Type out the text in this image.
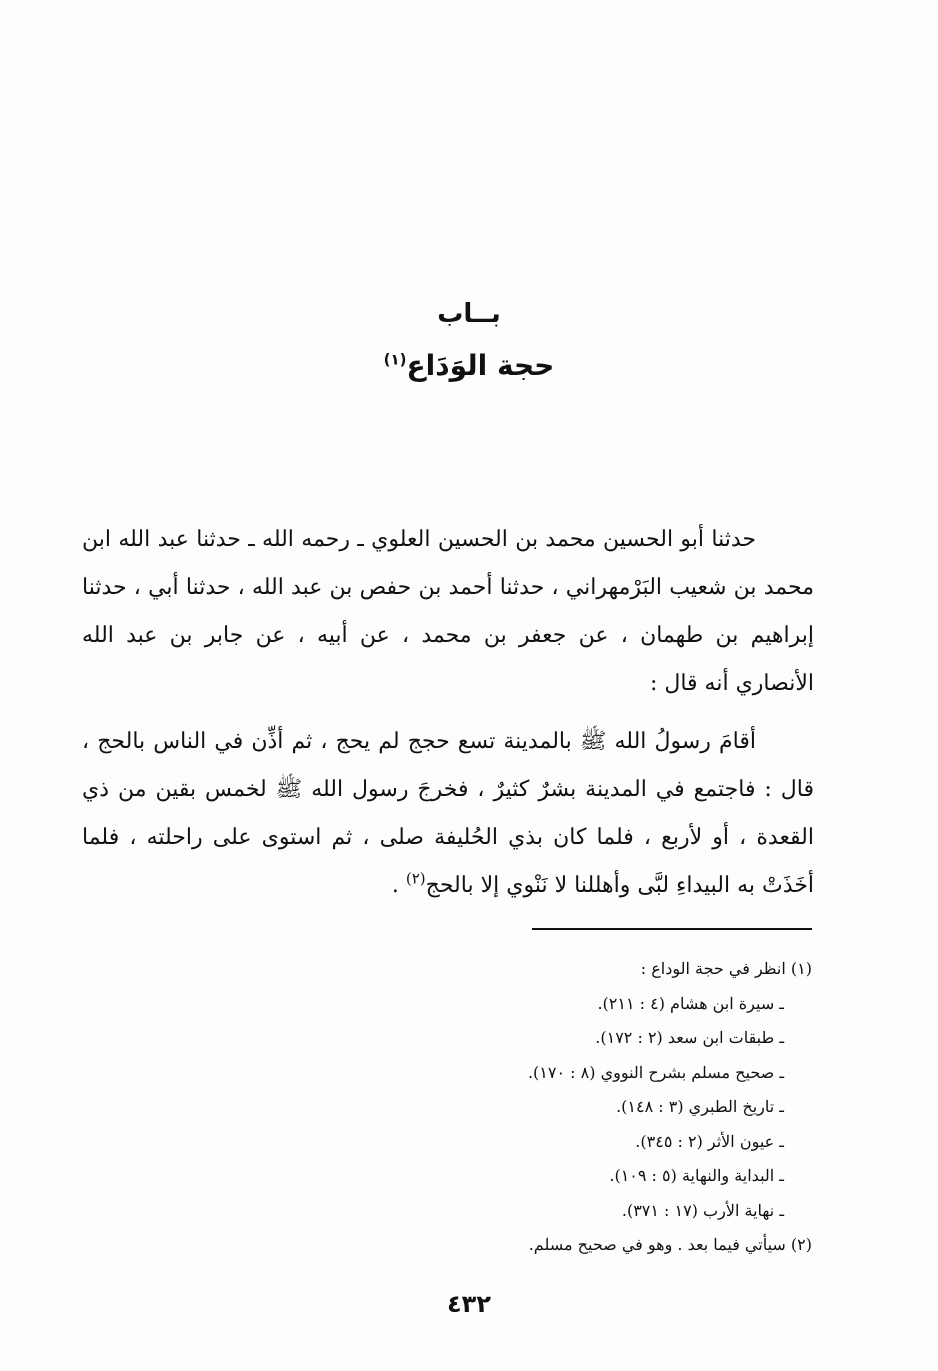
بــاب
حجة الوَدَاع$^{(١)}$
حدثنا أبو الحسين محمد بن الحسين العلوي ـ رحمه الله ـ حدثنا عبد الله ابن محمد بن شعيب البَرْمهراني ، حدثنا أحمد بن حفص بن عبد الله ، حدثنا أبي ، حدثنا إبراهيم بن طهمان ، عن جعفر بن محمد ، عن أبيه ، عن جابر بن عبد الله الأنصاري أنه قال :
أقامَ رسولُ الله ﷺ بالمدينة تسع حجج لم يحج ، ثم أذِّن في الناس بالحج ، قال : فاجتمع في المدينة بشرٌ كثيرٌ ، فخرجَ رسول الله ﷺ لخمس بقين من ذي القعدة ، أو لأربع ، فلما كان بذي الحُليفة صلى ، ثم استوى على راحلته ، فلما أخَذَتْ به البيداءِ لبَّى وأهللنا لا نَنْوي إلا بالحج$^{(٢)}$ .
(١) انظر في حجة الوداع :
ـ سيرة ابن هشام (٤ : ٢١١).
ـ طبقات ابن سعد (٢ : ١٧٢).
ـ صحيح مسلم بشرح النووي (٨ : ١٧٠).
ـ تاريخ الطبري (٣ : ١٤٨).
ـ عيون الأثر (٢ : ٣٤٥).
ـ البداية والنهاية (٥ : ١٠٩).
ـ نهاية الأرب (١٧ : ٣٧١).
(٢) سيأتي فيما بعد . وهو في صحيح مسلم.
٤٣٢
